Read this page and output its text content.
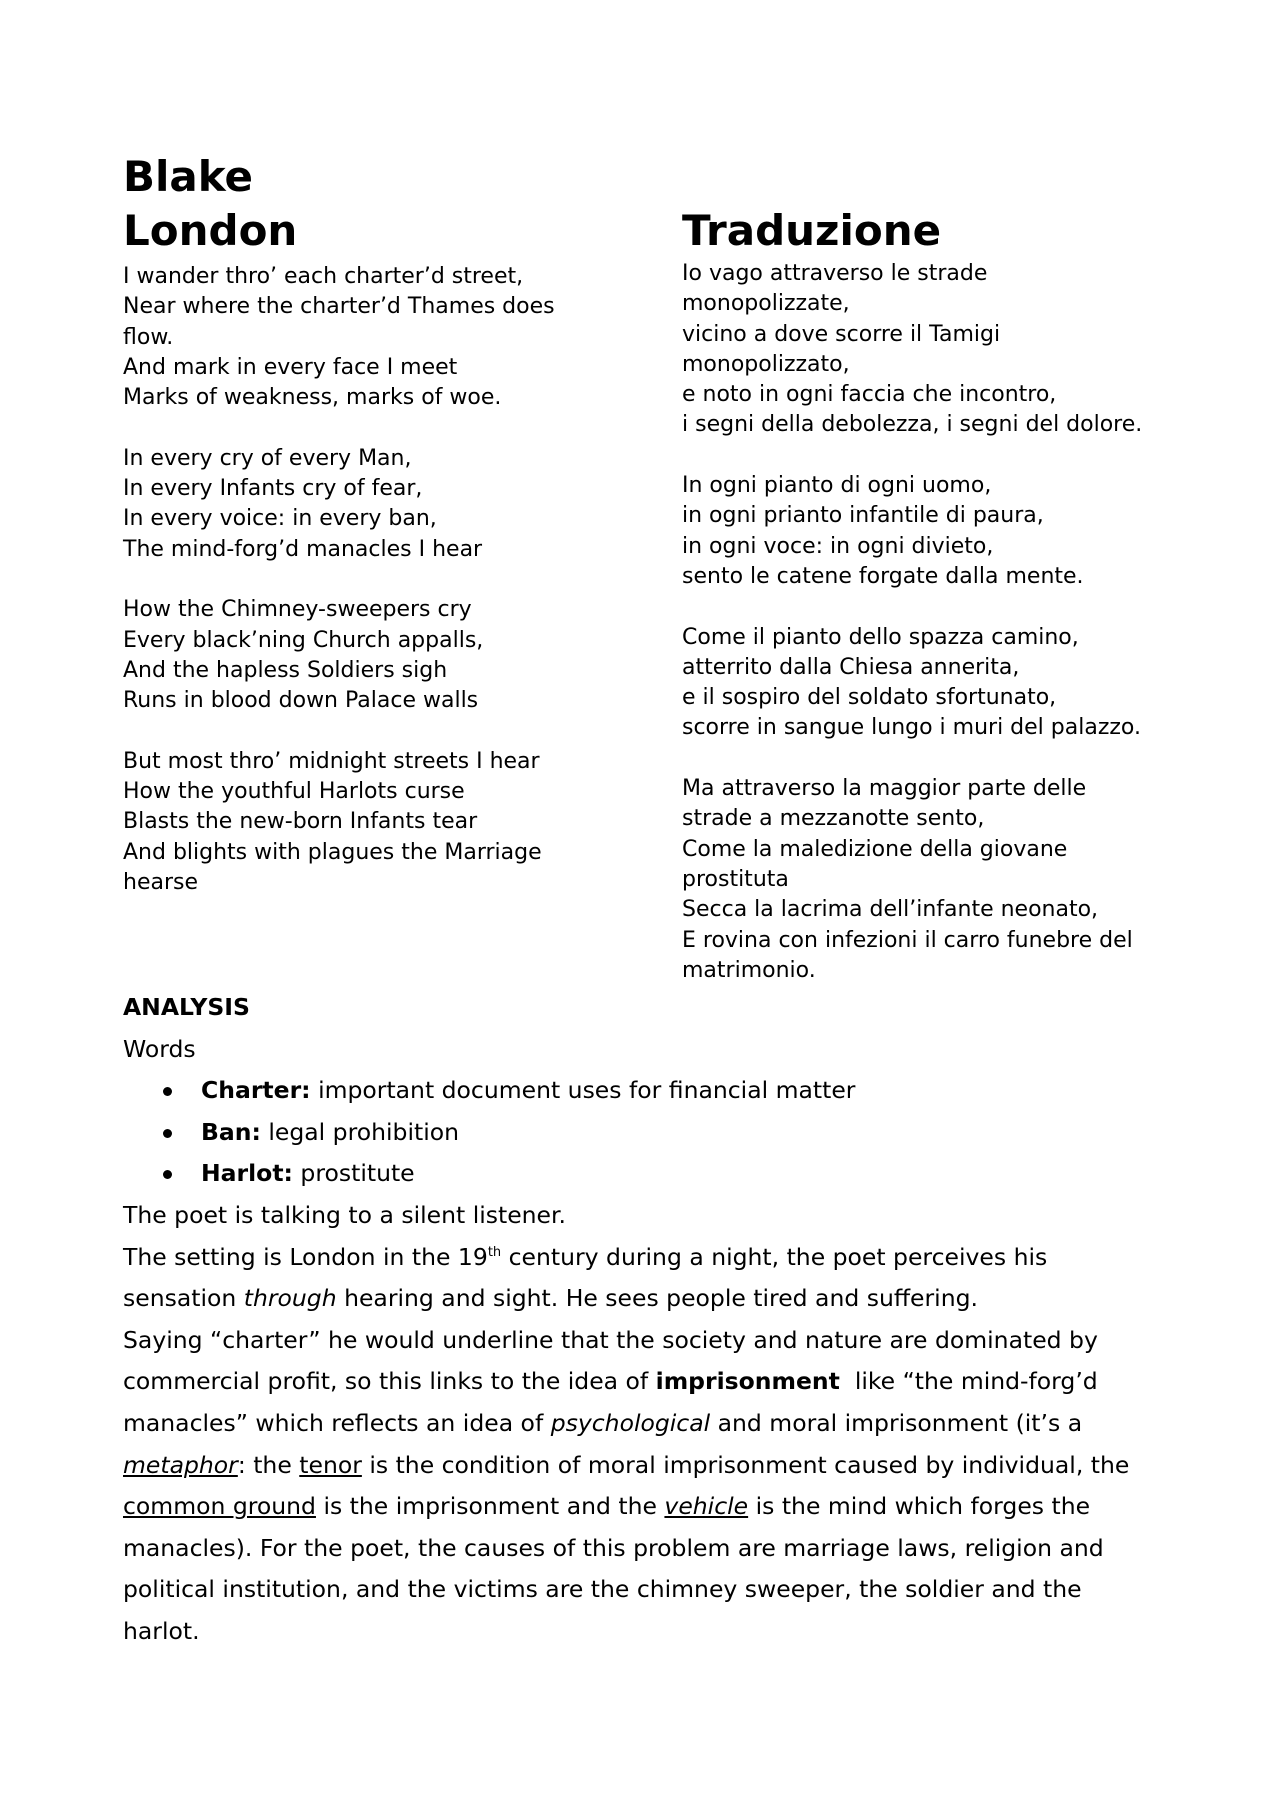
Blake
London	Traduzione
I wander thro’ each charter’d street,
Near where the charter’d Thames does
flow.
And mark in every face I meet
Marks of weakness, marks of woe.
In every cry of every Man,
In every Infants cry of fear,
In every voice: in every ban,
The mind-forg’d manacles I hear
How the Chimney-sweepers cry
Every black’ning Church appalls,
And the hapless Soldiers sigh
Runs in blood down Palace walls
But most thro’ midnight streets I hear
How the youthful Harlots curse
Blasts the new-born Infants tear
And blights with plagues the Marriage
hearse
Io vago attraverso le strade
monopolizzate,
vicino a dove scorre il Tamigi
monopolizzato,
e noto in ogni faccia che incontro,
i segni della debolezza, i segni del dolore.
In ogni pianto di ogni uomo,
in ogni prianto infantile di paura,
in ogni voce: in ogni divieto,
sento le catene forgate dalla mente.
Come il pianto dello spazza camino,
atterrito dalla Chiesa annerita,
e il sospiro del soldato sfortunato,
scorre in sangue lungo i muri del palazzo.
Ma attraverso la maggior parte delle
strade a mezzanotte sento,
Come la maledizione della giovane
prostituta
Secca la lacrima dell’infante neonato,
E rovina con infezioni il carro funebre del
matrimonio.
ANALYSIS
Words
Charter: important document uses for financial matter
Ban: legal prohibition
Harlot: prostitute
The poet is talking to a silent listener.
The setting is London in the 19th century during a night, the poet perceives his
sensation through hearing and sight. He sees people tired and suffering.
Saying “charter” he would underline that the society and nature are dominated by
commercial profit, so this links to the idea of imprisonment  like “the mind-forg’d
manacles” which reflects an idea of psychological and moral imprisonment (it’s a
metaphor: the tenor is the condition of moral imprisonment caused by individual, the
common ground is the imprisonment and the vehicle is the mind which forges the
manacles). For the poet, the causes of this problem are marriage laws, religion and
political institution, and the victims are the chimney sweeper, the soldier and the
harlot.
